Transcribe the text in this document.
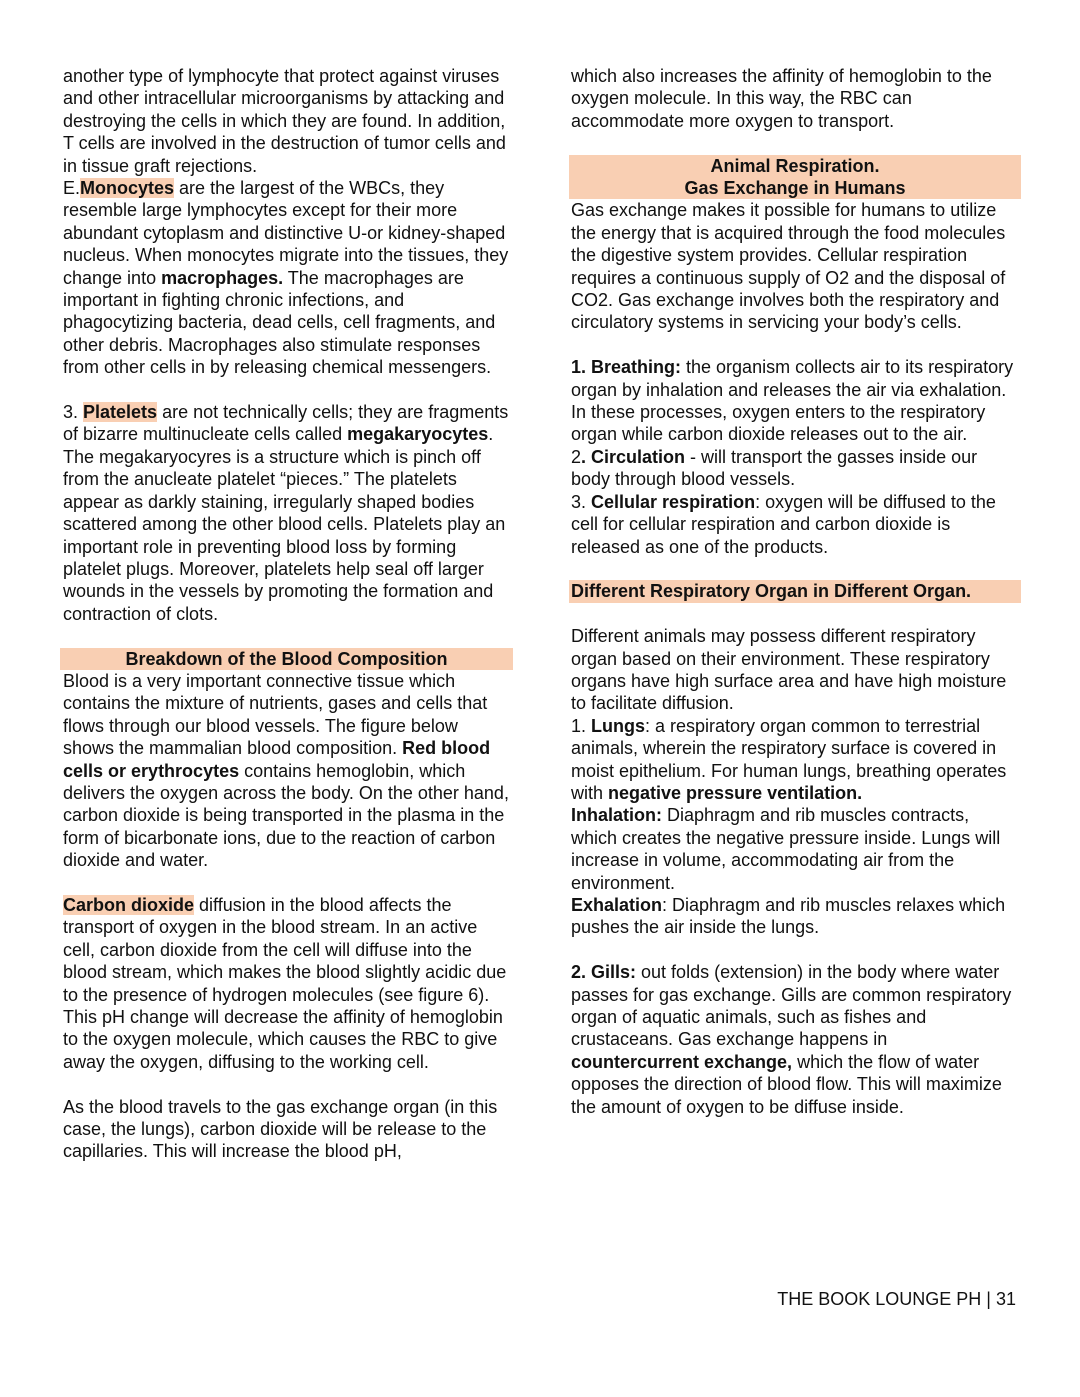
another type of lymphocyte that protect against viruses and other intracellular microorganisms by attacking and destroying the cells in which they are found. In addition, T cells are involved in the destruction of tumor cells and in tissue graft rejections.

E.Monocytes are the largest of the WBCs, they resemble large lymphocytes except for their more abundant cytoplasm and distinctive U-or kidney-shaped nucleus. When monocytes migrate into the tissues, they change into macrophages. The macrophages are important in fighting chronic infections, and phagocytizing bacteria, dead cells, cell fragments, and other debris. Macrophages also stimulate responses from other cells in by releasing chemical messengers.

3. Platelets are not technically cells; they are fragments of bizarre multinucleate cells called megakaryocytes. The megakaryocyres is a structure which is pinch off from the anucleate platelet “pieces.” The platelets appear as darkly staining, irregularly shaped bodies scattered among the other blood cells. Platelets play an important role in preventing blood loss by forming platelet plugs. Moreover, platelets help seal off larger wounds in the vessels by promoting the formation and contraction of clots.

Breakdown of the Blood Composition

Blood is a very important connective tissue which contains the mixture of nutrients, gases and cells that flows through our blood vessels. The figure below shows the mammalian blood composition. Red blood cells or erythrocytes contains hemoglobin, which delivers the oxygen across the body. On the other hand, carbon dioxide is being transported in the plasma in the form of bicarbonate ions, due to the reaction of carbon dioxide and water.

Carbon dioxide diffusion in the blood affects the transport of oxygen in the blood stream. In an active cell, carbon dioxide from the cell will diffuse into the blood stream, which makes the blood slightly acidic due to the presence of hydrogen molecules (see figure 6). This pH change will decrease the affinity of hemoglobin to the oxygen molecule, which causes the RBC to give away the oxygen, diffusing to the working cell.

As the blood travels to the gas exchange organ (in this case, the lungs), carbon dioxide will be release to the capillaries. This will increase the blood pH,

which also increases the affinity of hemoglobin to the oxygen molecule. In this way, the RBC can accommodate more oxygen to transport.

Animal Respiration.
Gas Exchange in Humans

Gas exchange makes it possible for humans to utilize the energy that is acquired through the food molecules the digestive system provides. Cellular respiration requires a continuous supply of O2 and the disposal of CO2. Gas exchange involves both the respiratory and circulatory systems in servicing your body’s cells.

1. Breathing: the organism collects air to its respiratory organ by inhalation and releases the air via exhalation. In these processes, oxygen enters to the respiratory organ while carbon dioxide releases out to the air.

2. Circulation - will transport the gasses inside our body through blood vessels.

3. Cellular respiration: oxygen will be diffused to the cell for cellular respiration and carbon dioxide is released as one of the products.

Different Respiratory Organ in Different Organ.

Different animals may possess different respiratory organ based on their environment. These respiratory organs have high surface area and have high moisture to facilitate diffusion.

1. Lungs: a respiratory organ common to terrestrial animals, wherein the respiratory surface is covered in moist epithelium. For human lungs, breathing operates with negative pressure ventilation.

Inhalation: Diaphragm and rib muscles contracts, which creates the negative pressure inside. Lungs will increase in volume, accommodating air from the environment.

Exhalation: Diaphragm and rib muscles relaxes which pushes the air inside the lungs.

2. Gills: out folds (extension) in the body where water passes for gas exchange. Gills are common respiratory organ of aquatic animals, such as fishes and crustaceans. Gas exchange happens in countercurrent exchange, which the flow of water opposes the direction of blood flow. This will maximize the amount of oxygen to be diffuse inside.

THE BOOK LOUNGE PH | 31
